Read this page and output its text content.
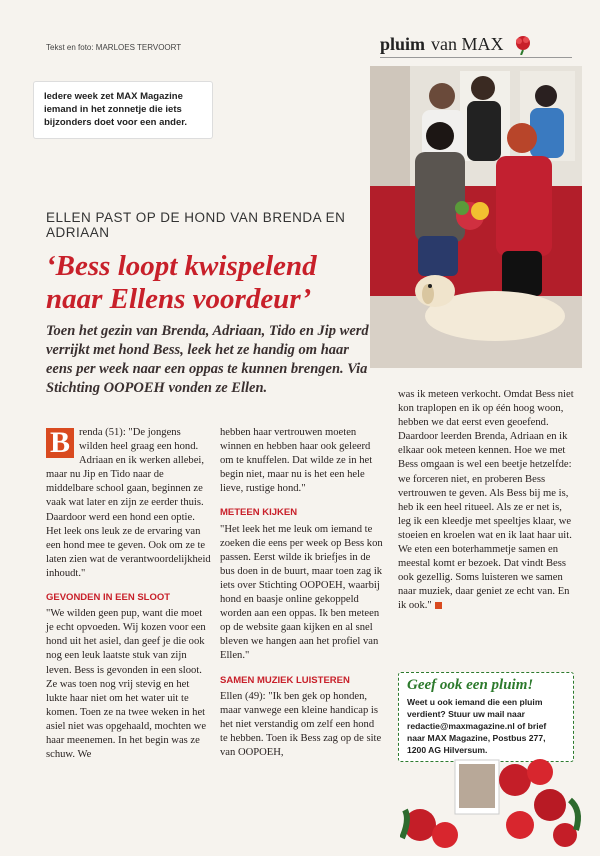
Tekst en foto: MARLOES TERVOORT	pluim van MAX
Iedere week zet MAX Magazine iemand in het zonnetje die iets bijzonders doet voor een ander.
ELLEN PAST OP DE HOND VAN BRENDA EN ADRIAAN
‘Bess loopt kwispelend
naar Ellens voordeur’
Toen het gezin van Brenda, Adriaan, Tido en Jip werd verrijkt met hond Bess, leek het ze handig om haar eens per week naar een oppas te kunnen brengen. Via Stichting OOPOEH vonden ze Ellen.

B renda (51): "De jongens wilden heel graag een hond. Adriaan en ik werken allebei, maar nu Jip en Tido naar de middelbare school gaan, beginnen ze vaak wat later en zijn ze eerder thuis. Daardoor werd een hond een optie. Het leek ons leuk ze de ervaring van een hond mee te geven. Ook om ze te laten zien wat de verantwoordelijkheid inhoudt."

GEVONDEN IN EEN SLOOT

"We wilden geen pup, want die moet je echt opvoeden. Wij kozen voor een hond uit het asiel, dan geef je die ook nog een leuk laatste stuk van zijn leven. Bess is gevonden in een sloot. Ze was toen nog vrij stevig en het lukte haar niet om het water uit te komen. Toen ze na twee weken in het asiel niet was opgehaald, mochten we haar meenemen. In het begin was ze schuw. We

hebben haar vertrouwen moeten winnen en hebben haar ook geleerd om te knuffelen. Dat wilde ze in het begin niet, maar nu is het een hele lieve, rustige hond."

METEEN KIJKEN

"Het leek het me leuk om iemand te zoeken die eens per week op Bess kon passen. Eerst wilde ik briefjes in de bus doen in de buurt, maar toen zag ik iets over Stichting OOPOEH, waarbij hond en baasje online gekoppeld worden aan een oppas. Ik ben meteen op de website gaan kijken en al snel bleven we hangen aan het profiel van Ellen."

SAMEN MUZIEK LUISTEREN

Ellen (49): "Ik ben gek op honden, maar vanwege een kleine handicap is het niet verstandig om zelf een hond te hebben. Toen ik Bess zag op de site van OOPOEH,

was ik meteen verkocht. Omdat Bess niet kon traplopen en ik op één hoog woon, hebben we dat eerst even geoefend. Daardoor leerden Brenda, Adriaan en ik elkaar ook meteen kennen. Hoe we met Bess omgaan is wel een beetje hetzelfde: we forceren niet, en proberen Bess vertrouwen te geven. Als Bess bij me is, heb ik een heel ritueel. Als ze er net is, leg ik een kleedje met speeltjes klaar, we stoeien en kroelen wat en ik laat haar uit. We eten een boterhammetje samen en meestal komt er bezoek. Dat vindt Bess ook gezellig. Soms luisteren we samen naar muziek, daar geniet ze echt van. En ik ook."

Geef ook een pluim!
Weet u ook iemand die een pluim verdient? Stuur uw mail naar redactie@maxmagazine.nl of brief naar MAX Magazine, Postbus 277, 1200 AG Hilversum.
